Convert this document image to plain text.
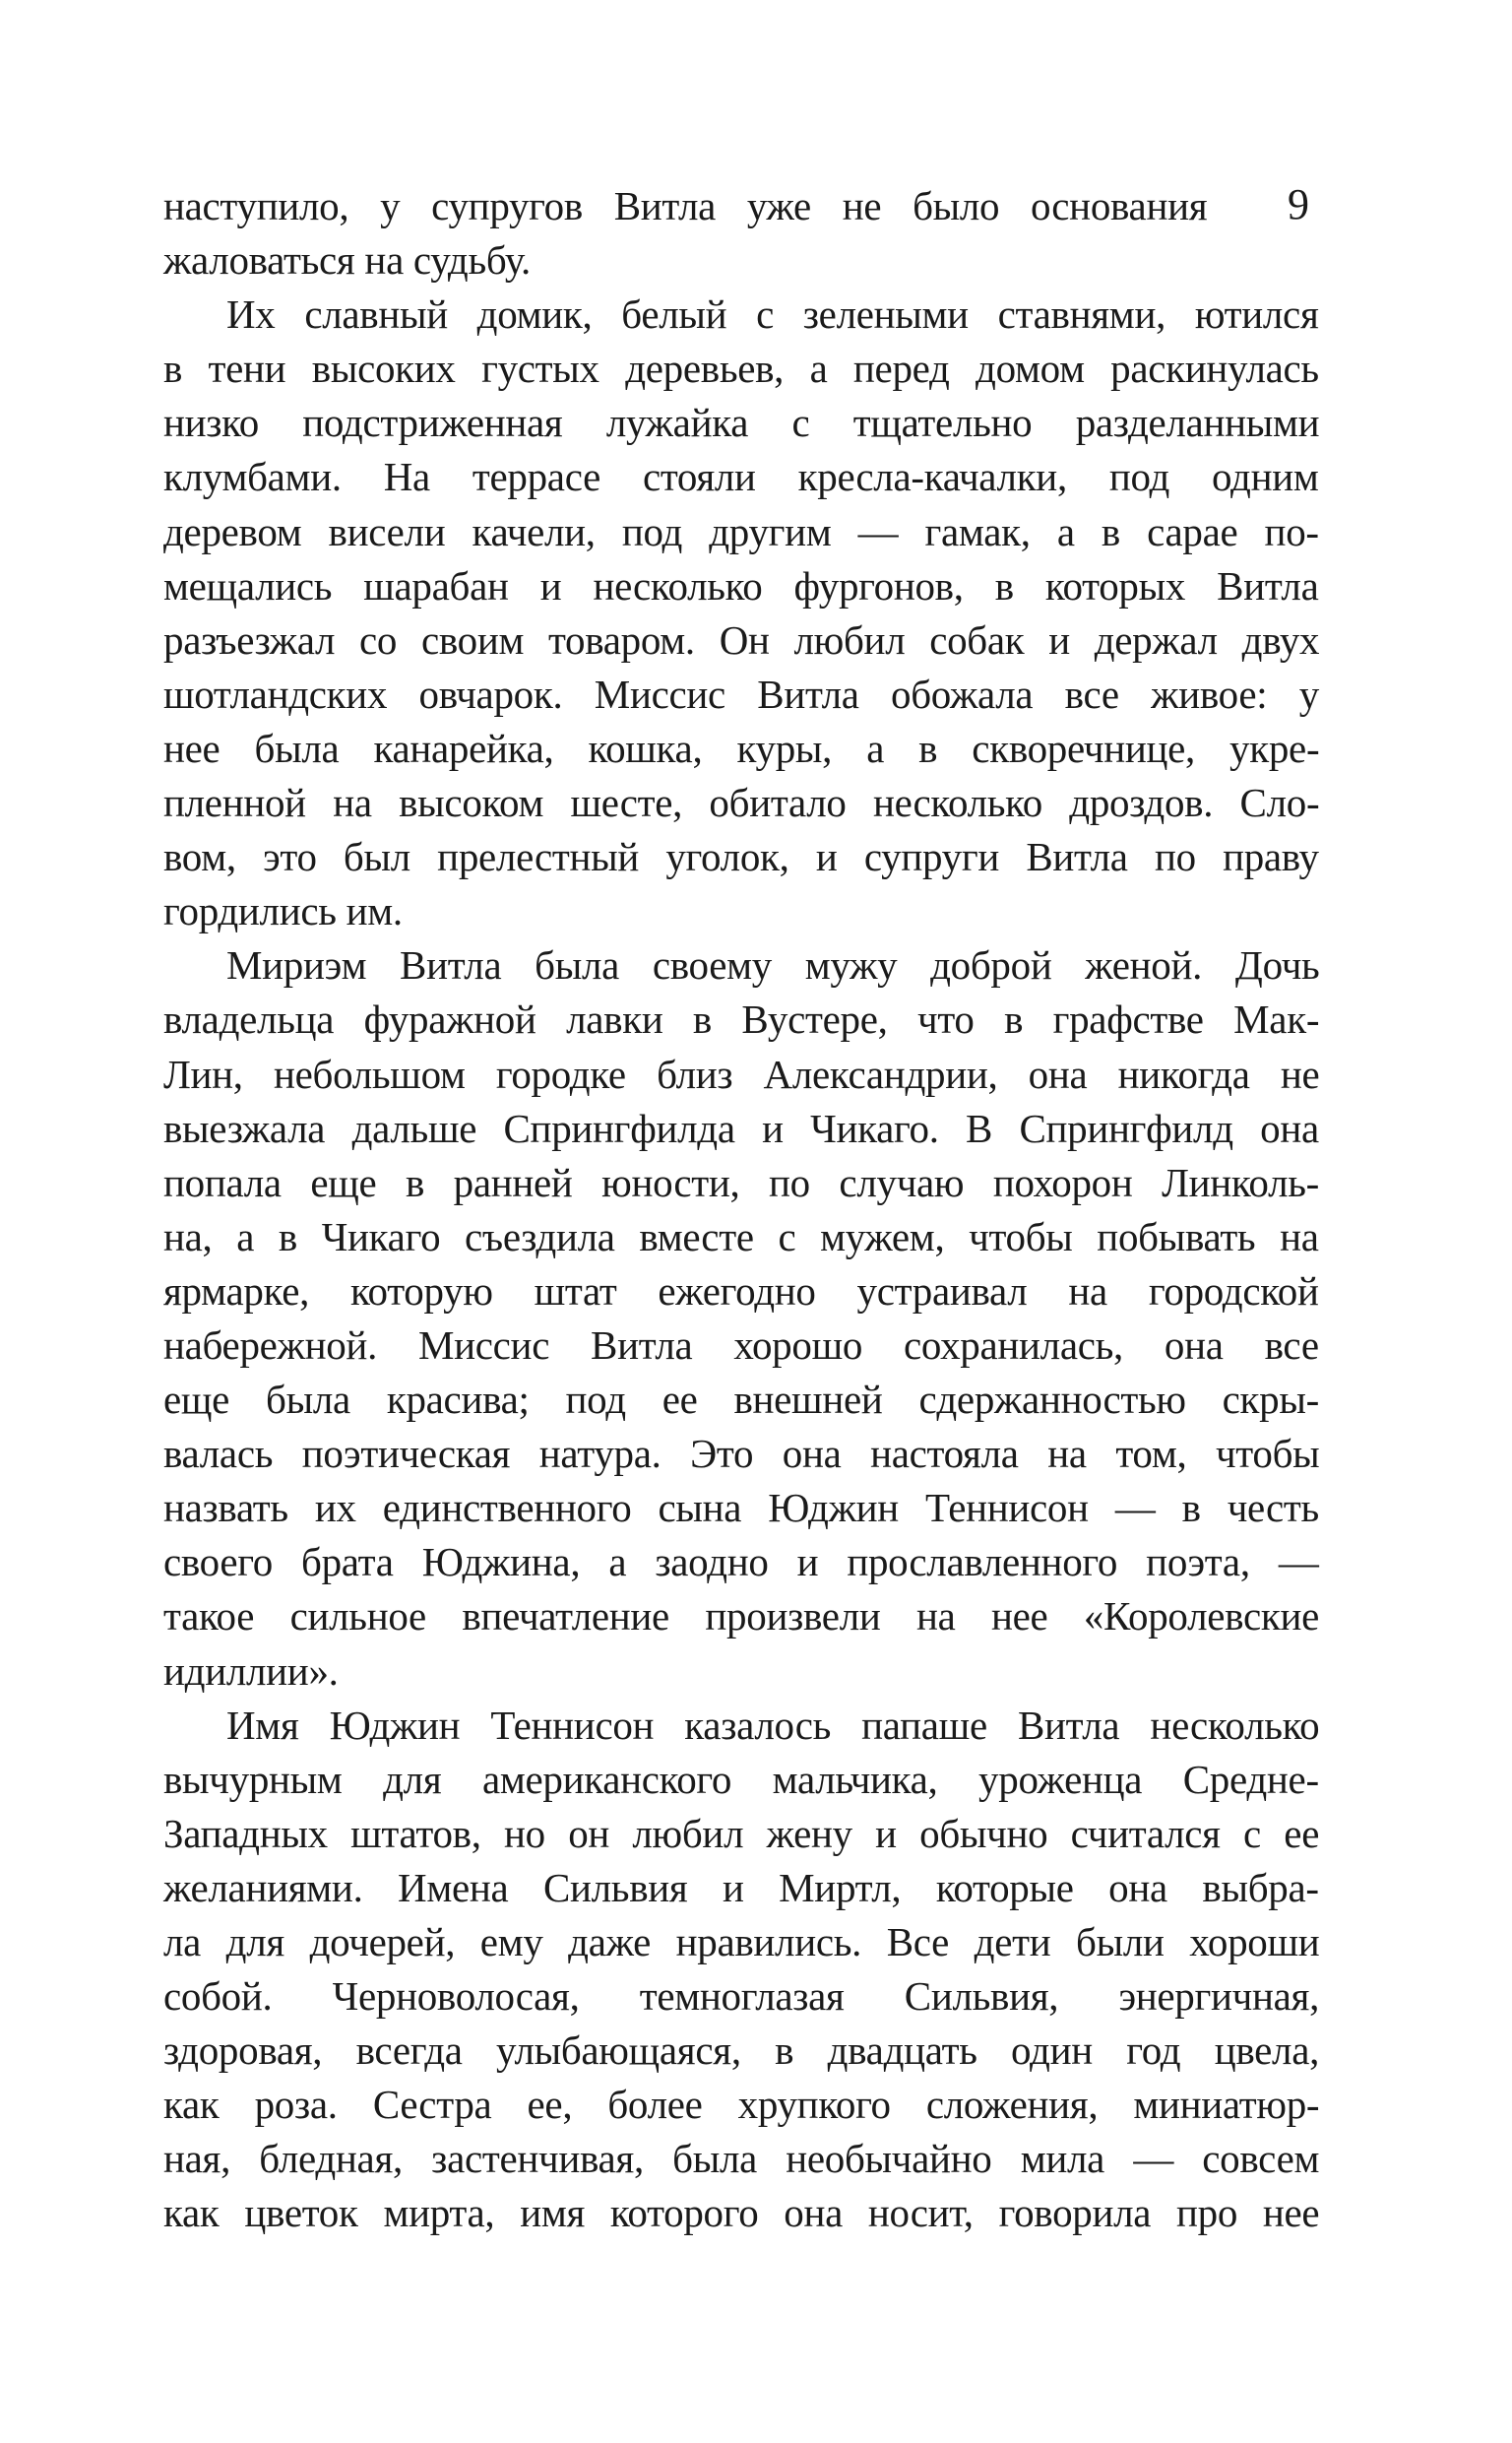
9
наступило, у супругов Витла уже не было основания
жаловаться на судьбу.
Их славный домик, белый с зелеными ставнями, ютился
в тени высоких густых деревьев, а перед домом раскинулась
низко подстриженная лужайка с тщательно разделанными
клумбами. На террасе стояли кресла-качалки, под одним
деревом висели качели, под другим — гамак, а в сарае по-
мещались шарабан и несколько фургонов, в которых Витла
разъезжал со своим товаром. Он любил собак и держал двух
шотландских овчарок. Миссис Витла обожала все живое: у
нее была канарейка, кошка, куры, а в скворечнице, укре-
пленной на высоком шесте, обитало несколько дроздов. Сло-
вом, это был прелестный уголок, и супруги Витла по праву
гордились им.
Мириэм Витла была своему мужу доброй женой. Дочь
владельца фуражной лавки в Вустере, что в графстве Мак-
Лин, небольшом городке близ Александрии, она никогда не
выезжала дальше Спрингфилда и Чикаго. В Спрингфилд она
попала еще в ранней юности, по случаю похорон Линколь-
на, а в Чикаго съездила вместе с мужем, чтобы побывать на
ярмарке, которую штат ежегодно устраивал на городской
набережной. Миссис Витла хорошо сохранилась, она все
еще была красива; под ее внешней сдержанностью скры-
валась поэтическая натура. Это она настояла на том, чтобы
назвать их единственного сына Юджин Теннисон — в честь
своего брата Юджина, а заодно и прославленного поэта, —
такое сильное впечатление произвели на нее «Королевские
идиллии».
Имя Юджин Теннисон казалось папаше Витла несколько
вычурным для американского мальчика, уроженца Средне-
Западных штатов, но он любил жену и обычно считался с ее
желаниями. Имена Сильвия и Миртл, которые она выбра-
ла для дочерей, ему даже нравились. Все дети были хороши
собой. Черноволосая, темноглазая Сильвия, энергичная,
здоровая, всегда улыбающаяся, в двадцать один год цвела,
как роза. Сестра ее, более хрупкого сложения, миниатюр-
ная, бледная, застенчивая, была необычайно мила — совсем
как цветок мирта, имя которого она носит, говорила про нее
